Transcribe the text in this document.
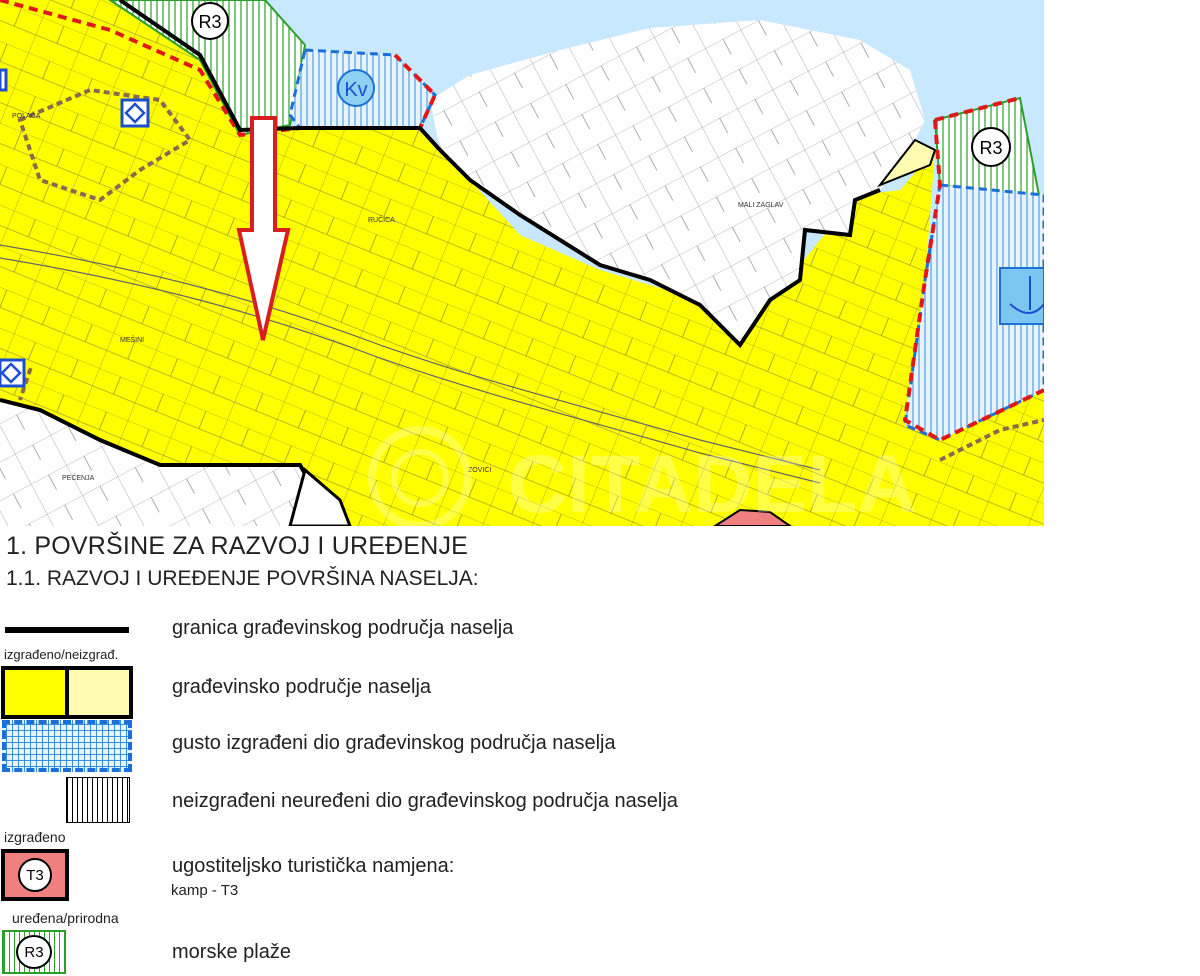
R3
R3
Kv
POLAČA
RUČICA
MALI ZAGLAV
MEŠINI
PEĆENJA
ZOVIĆI CITADELA
1. POVRŠINE ZA RAZVOJ I UREĐENJE
1.1. RAZVOJ I UREĐENJE POVRŠINA NASELJA:
granica građevinskog područja naselja
izgrađeno/neizgrađ.
građevinsko područje naselja
gusto izgrađeni dio građevinskog područja naselja
neizgrađeni neuređeni dio građevinskog područja naselja
izgrađeno
T3	ugostiteljsko turistička namjena:
kamp - T3
uređena/prirodna
R3	morske plaže
